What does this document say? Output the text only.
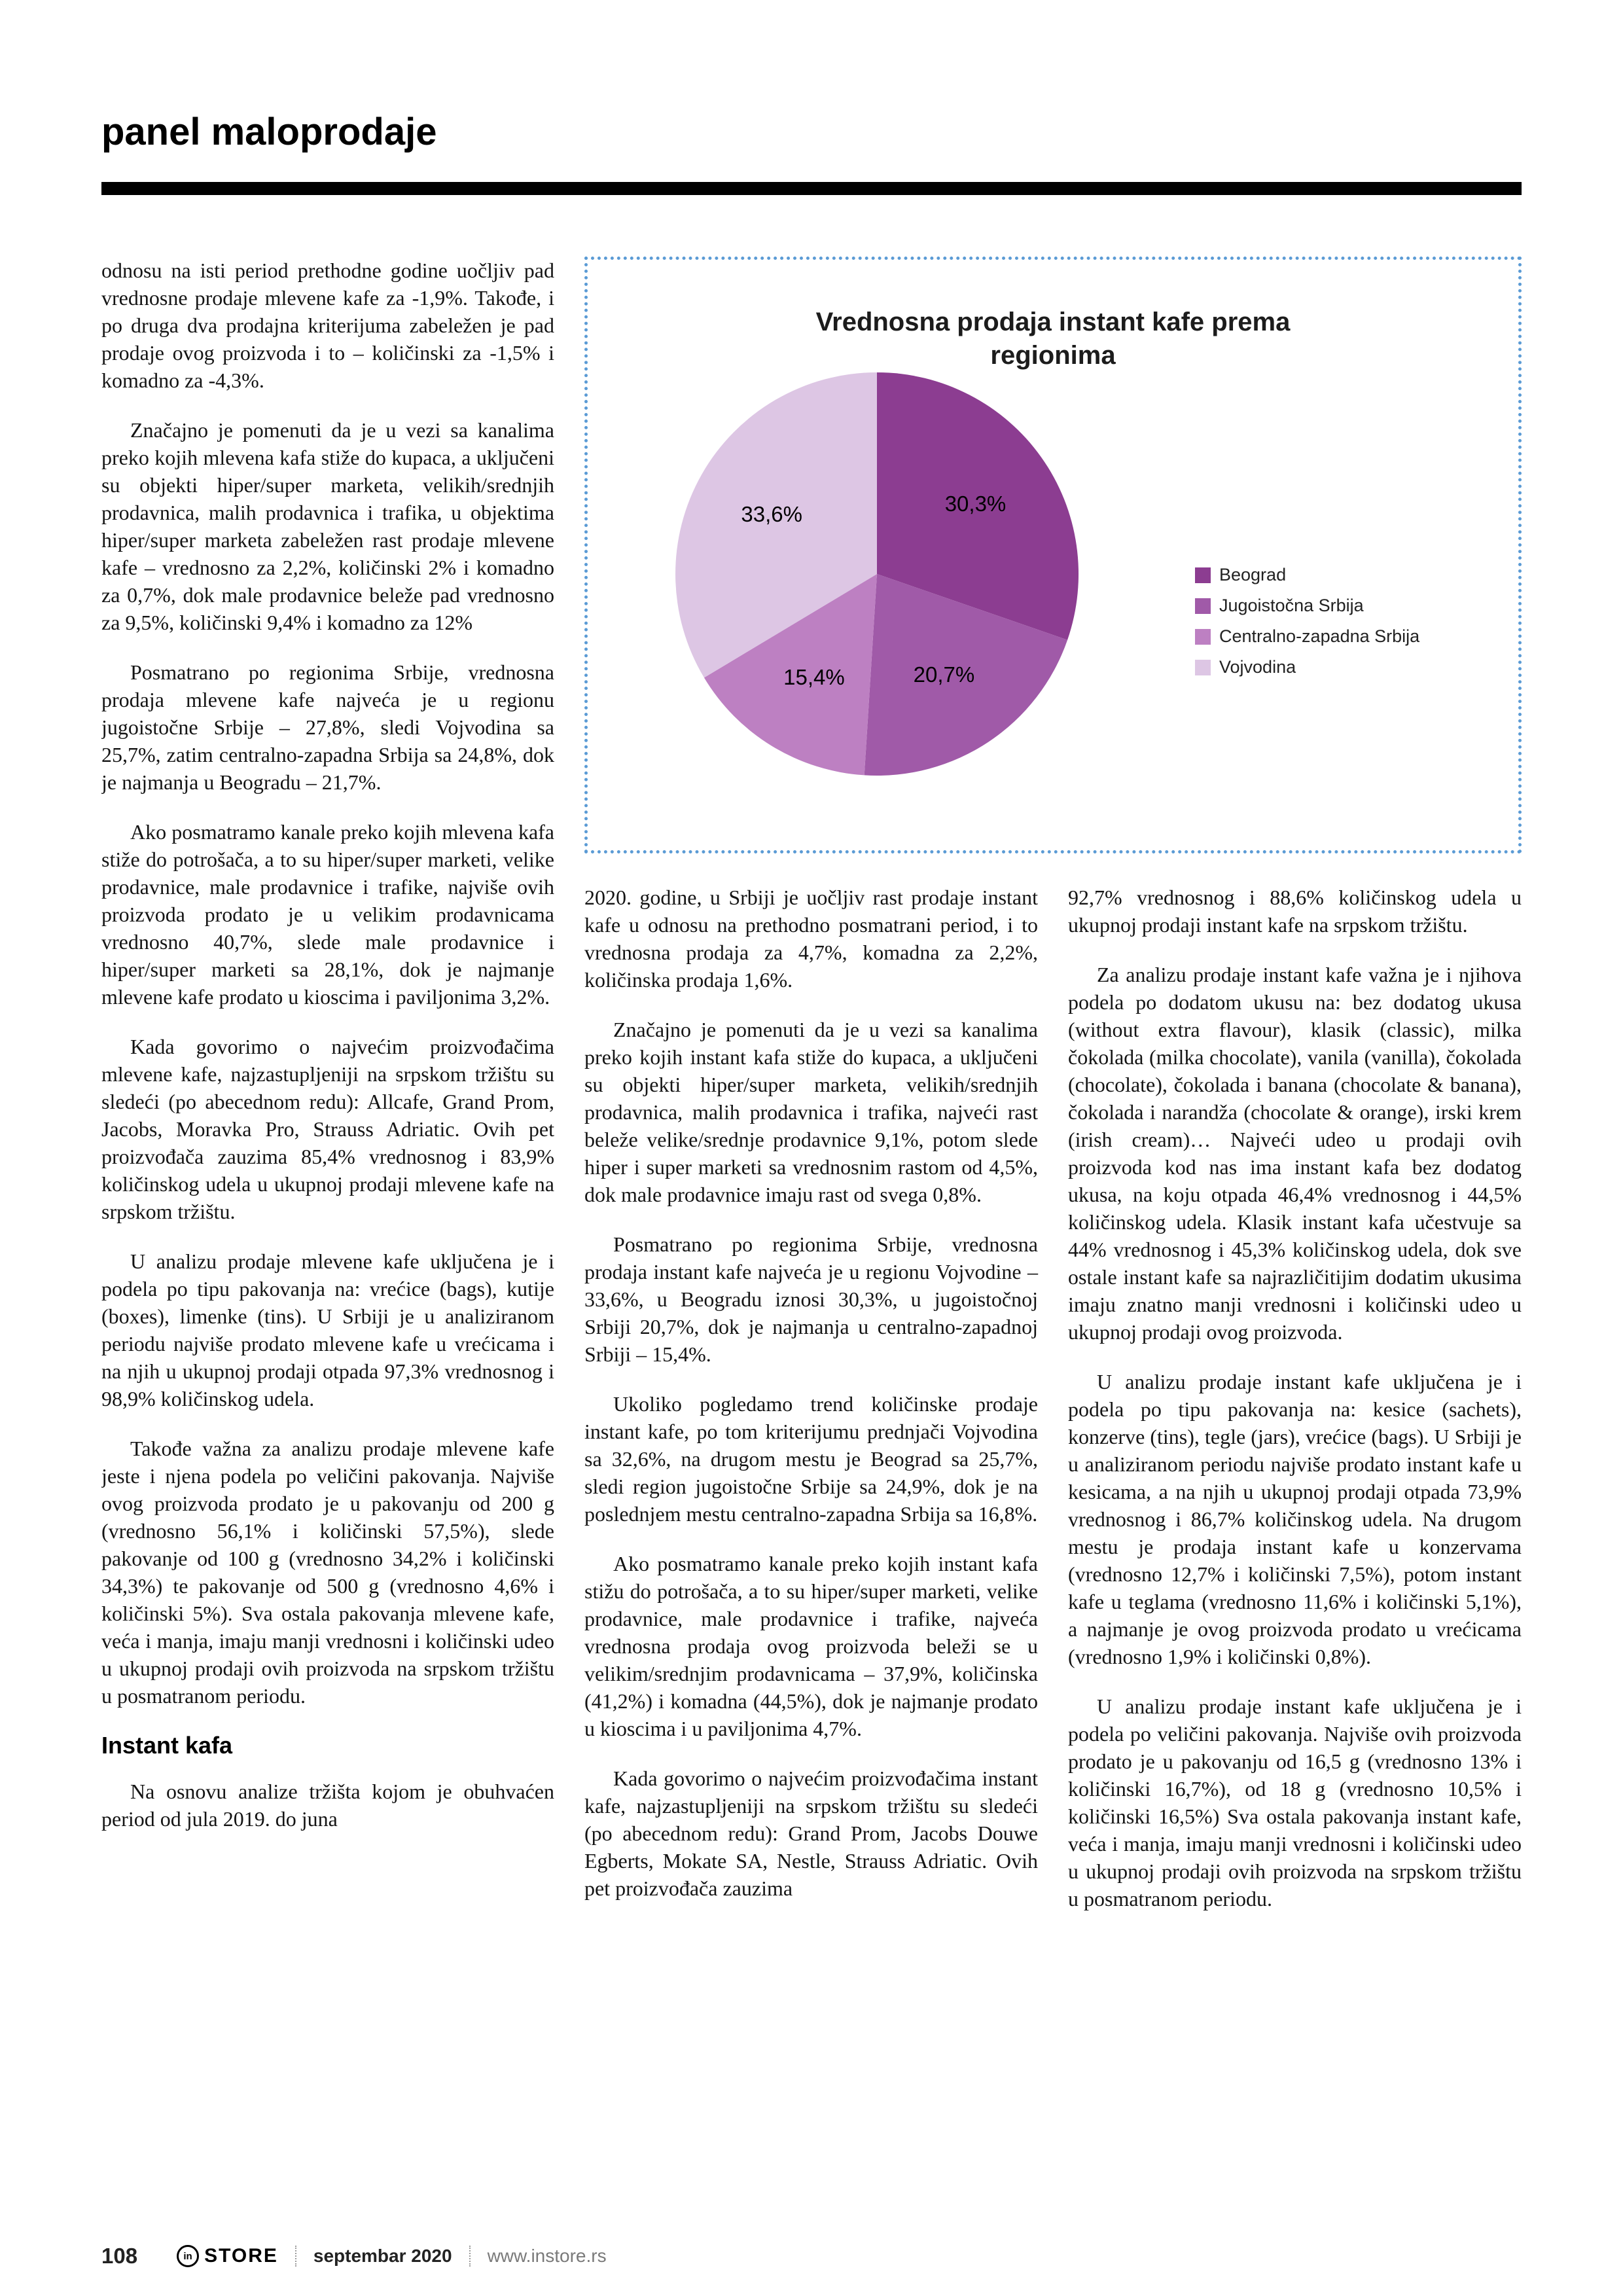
panel maloprodaje

odnosu na isti period prethodne godine uočljiv pad vrednosne prodaje mlevene kafe za -1,9%. Takođe, i po druga dva prodajna kriterijuma zabeležen je pad prodaje ovog proizvoda i to – količinski za -1,5% i komadno za -4,3%.

Značajno je pomenuti da je u vezi sa kanalima preko kojih mlevena kafa stiže do kupaca, a uključeni su objekti hiper/super marketa, velikih/srednjih prodavnica, malih prodavnica i trafika, u objektima hiper/super marketa zabeležen rast prodaje mlevene kafe – vrednosno za 2,2%, količinski 2% i komadno za 0,7%, dok male prodavnice beleže pad vrednosno za 9,5%, količinski 9,4% i komadno za 12%

Posmatrano po regionima Srbije, vrednosna prodaja mlevene kafe najveća je u regionu jugoistočne Srbije – 27,8%, sledi Vojvodina sa 25,7%, zatim centralno-zapadna Srbija sa 24,8%, dok je najmanja u Beogradu – 21,7%.

Ako posmatramo kanale preko kojih mlevena kafa stiže do potrošača, a to su hiper/super marketi, velike prodavnice, male prodavnice i trafike, najviše ovih proizvoda prodato je u velikim prodavnicama vrednosno 40,7%, slede male prodavnice i hiper/super marketi sa 28,1%, dok je najmanje mlevene kafe prodato u kioscima i paviljonima 3,2%.

Kada govorimo o najvećim proizvođačima mlevene kafe, najzastupljeniji na srpskom tržištu su sledeći (po abecednom redu): Allcafe, Grand Prom, Jacobs, Moravka Pro, Strauss Adriatic. Ovih pet proizvođača zauzima 85,4% vrednosnog i 83,9% količinskog udela u ukupnoj prodaji mlevene kafe na srpskom tržištu.

U analizu prodaje mlevene kafe uključena je i podela po tipu pakovanja na: vrećice (bags), kutije (boxes), limenke (tins). U Srbiji je u analiziranom periodu najviše prodato mlevene kafe u vrećicama i na njih u ukupnoj prodaji otpada 97,3% vrednosnog i 98,9% količinskog udela.

Takođe važna za analizu prodaje mlevene kafe jeste i njena podela po veličini pakovanja. Najviše ovog proizvoda prodato je u pakovanju od 200 g (vrednosno 56,1% i količinski 57,5%), slede pakovanje od 100 g (vrednosno 34,2% i količinski 34,3%) te pakovanje od 500 g (vrednosno 4,6% i količinski 5%). Sva ostala pakovanja mlevene kafe, veća i manja, imaju manji vrednosni i količinski udeo u ukupnoj prodaji ovih proizvoda na srpskom tržištu u posmatranom periodu.

Instant kafa

Na osnovu analize tržišta kojom je obuhvaćen period od jula 2019. do juna

Vrednosna prodaja instant kafe prema regionima
30,3%
20,7%
15,4%
33,6%
Beograd
Jugoistočna Srbija
Centralno-zapadna Srbija
Vojvodina

2020. godine, u Srbiji je uočljiv rast prodaje instant kafe u odnosu na prethodno posmatrani period, i to vrednosna prodaja za 4,7%, komadna za 2,2%, količinska prodaja 1,6%.

Značajno je pomenuti da je u vezi sa kanalima preko kojih instant kafa stiže do kupaca, a uključeni su objekti hiper/super marketa, velikih/srednjih prodavnica, malih prodavnica i trafika, najveći rast beleže velike/srednje prodavnice 9,1%, potom slede hiper i super marketi sa vrednosnim rastom od 4,5%, dok male prodavnice imaju rast od svega 0,8%.

Posmatrano po regionima Srbije, vrednosna prodaja instant kafe najveća je u regionu Vojvodine – 33,6%, u Beogradu iznosi 30,3%, u jugoistočnoj Srbiji 20,7%, dok je najmanja u centralno-zapadnoj Srbiji – 15,4%.

Ukoliko pogledamo trend količinske prodaje instant kafe, po tom kriterijumu prednjači Vojvodina sa 32,6%, na drugom mestu je Beograd sa 25,7%, sledi region jugoistočne Srbije sa 24,9%, dok je na poslednjem mestu centralno-zapadna Srbija sa 16,8%.

Ako posmatramo kanale preko kojih instant kafa stižu do potrošača, a to su hiper/super marketi, velike prodavnice, male prodavnice i trafike, najveća vrednosna prodaja ovog proizvoda beleži se u velikim/srednjim prodavnicama – 37,9%, količinska (41,2%) i komadna (44,5%), dok je najmanje prodato u kioscima i u paviljonima 4,7%.

Kada govorimo o najvećim proizvođačima instant kafe, najzastupljeniji na srpskom tržištu su sledeći (po abecednom redu): Grand Prom, Jacobs Douwe Egberts, Mokate SA, Nestle, Strauss Adriatic. Ovih pet proizvođača zauzima

92,7% vrednosnog i 88,6% količinskog udela u ukupnoj prodaji instant kafe na srpskom tržištu.

Za analizu prodaje instant kafe važna je i njihova podela po dodatom ukusu na: bez dodatog ukusa (without extra flavour), klasik (classic), milka čokolada (milka chocolate), vanila (vanilla), čokolada (chocolate), čokolada i banana (chocolate & banana), čokolada i narandža (chocolate & orange), irski krem (irish cream)… Najveći udeo u prodaji ovih proizvoda kod nas ima instant kafa bez dodatog ukusa, na koju otpada 46,4% vrednosnog i 44,5% količinskog udela. Klasik instant kafa učestvuje sa 44% vrednosnog i 45,3% količinskog udela, dok sve ostale instant kafe sa najrazličitijim dodatim ukusima imaju znatno manji vrednosni i količinski udeo u ukupnoj prodaji ovog proizvoda.

U analizu prodaje instant kafe uključena je i podela po tipu pakovanja na: kesice (sachets), konzerve (tins), tegle (jars), vrećice (bags). U Srbiji je u analiziranom periodu najviše prodato instant kafe u kesicama, a na njih u ukupnoj prodaji otpada 73,9% vrednosnog i 86,7% količinskog udela. Na drugom mestu je prodaja instant kafe u konzervama (vrednosno 12,7% i količinski 7,5%), potom instant kafe u teglama (vrednosno 11,6% i količinski 5,1%), a najmanje je ovog proizvoda prodato u vrećicama (vrednosno 1,9% i količinski 0,8%).

U analizu prodaje instant kafe uključena je i podela po veličini pakovanja. Najviše ovih proizvoda prodato je u pakovanju od 16,5 g (vrednosno 13% i količinski 16,7%), od 18 g (vrednosno 10,5% i količinski 16,5%) Sva ostala pakovanja instant kafe, veća i manja, imaju manji vrednosni i količinski udeo u ukupnoj prodaji ovih proizvoda na srpskom tržištu u posmatranom periodu.

108	in STORE septembar 2020 www.instore.rs
